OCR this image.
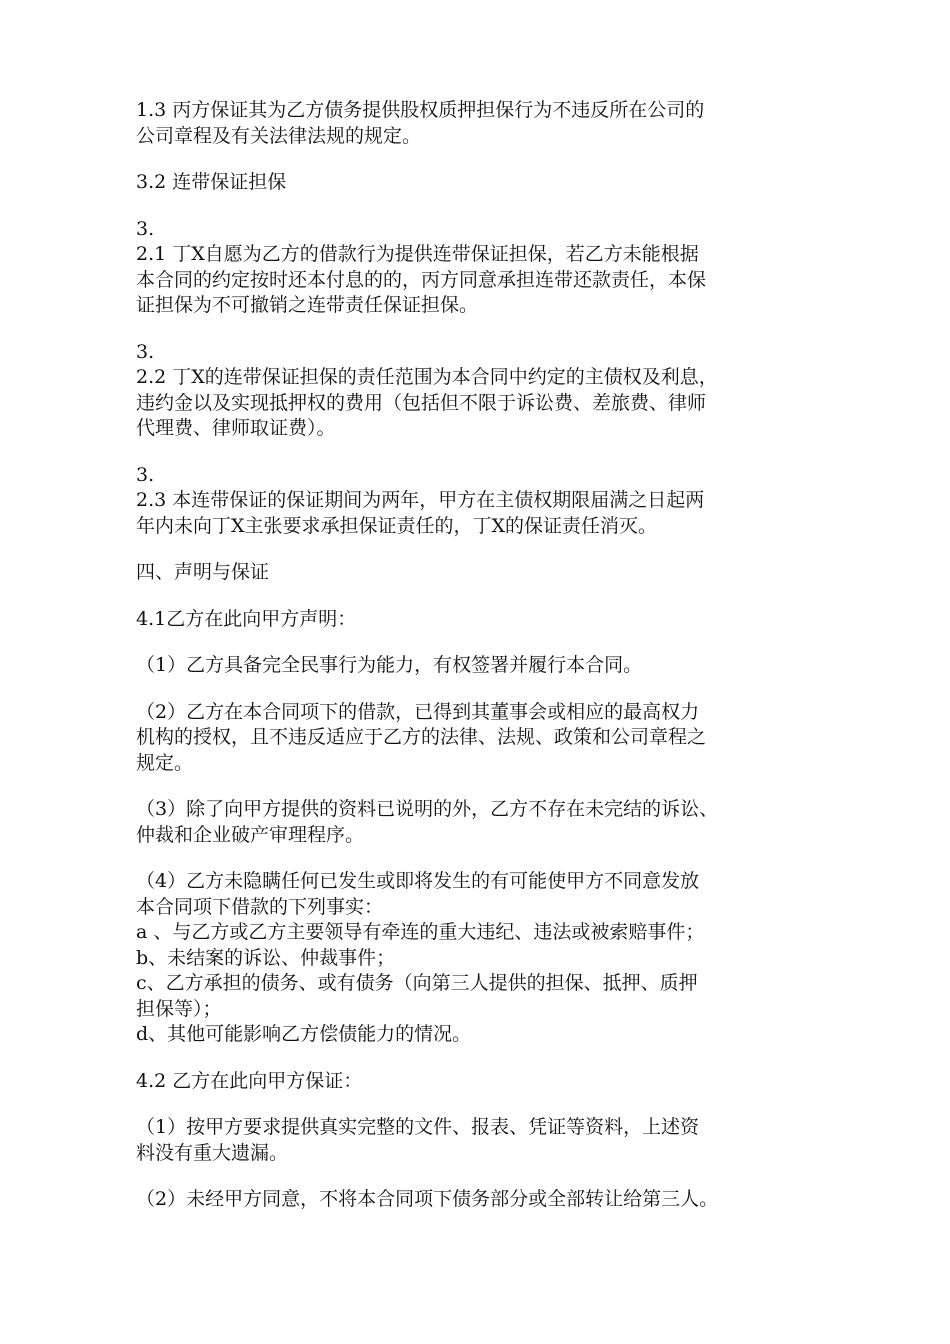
1.3 丙方保证其为乙方债务提供股权质押担保行为不违反所在公司的
公司章程及有关法律法规的规定。

3.2 连带保证担保

3.
2.1 丁X自愿为乙方的借款行为提供连带保证担保，若乙方未能根据
本合同的约定按时还本付息的的，丙方同意承担连带还款责任，本保
证担保为不可撤销之连带责任保证担保。

3.
2.2 丁X的连带保证担保的责任范围为本合同中约定的主债权及利息，
违约金以及实现抵押权的费用（包括但不限于诉讼费、差旅费、律师
代理费、律师取证费）。

3.
2.3 本连带保证的保证期间为两年，甲方在主债权期限届满之日起两
年内未向丁X主张要求承担保证责任的，丁X的保证责任消灭。

四、声明与保证

4.1乙方在此向甲方声明：

（1）乙方具备完全民事行为能力，有权签署并履行本合同。

（2）乙方在本合同项下的借款，已得到其董事会或相应的最高权力
机构的授权，且不违反适应于乙方的法律、法规、政策和公司章程之
规定。

（3）除了向甲方提供的资料已说明的外，乙方不存在未完结的诉讼、
仲裁和企业破产审理程序。

（4）乙方未隐瞒任何已发生或即将发生的有可能使甲方不同意发放
本合同项下借款的下列事实：
a 、与乙方或乙方主要领导有牵连的重大违纪、违法或被索赔事件；
b、未结案的诉讼、仲裁事件；
c、乙方承担的债务、或有债务（向第三人提供的担保、抵押、质押
担保等）；
d、其他可能影响乙方偿债能力的情况。

4.2 乙方在此向甲方保证：

（1）按甲方要求提供真实完整的文件、报表、凭证等资料，上述资
料没有重大遗漏。

（2）未经甲方同意，不将本合同项下债务部分或全部转让给第三人。
